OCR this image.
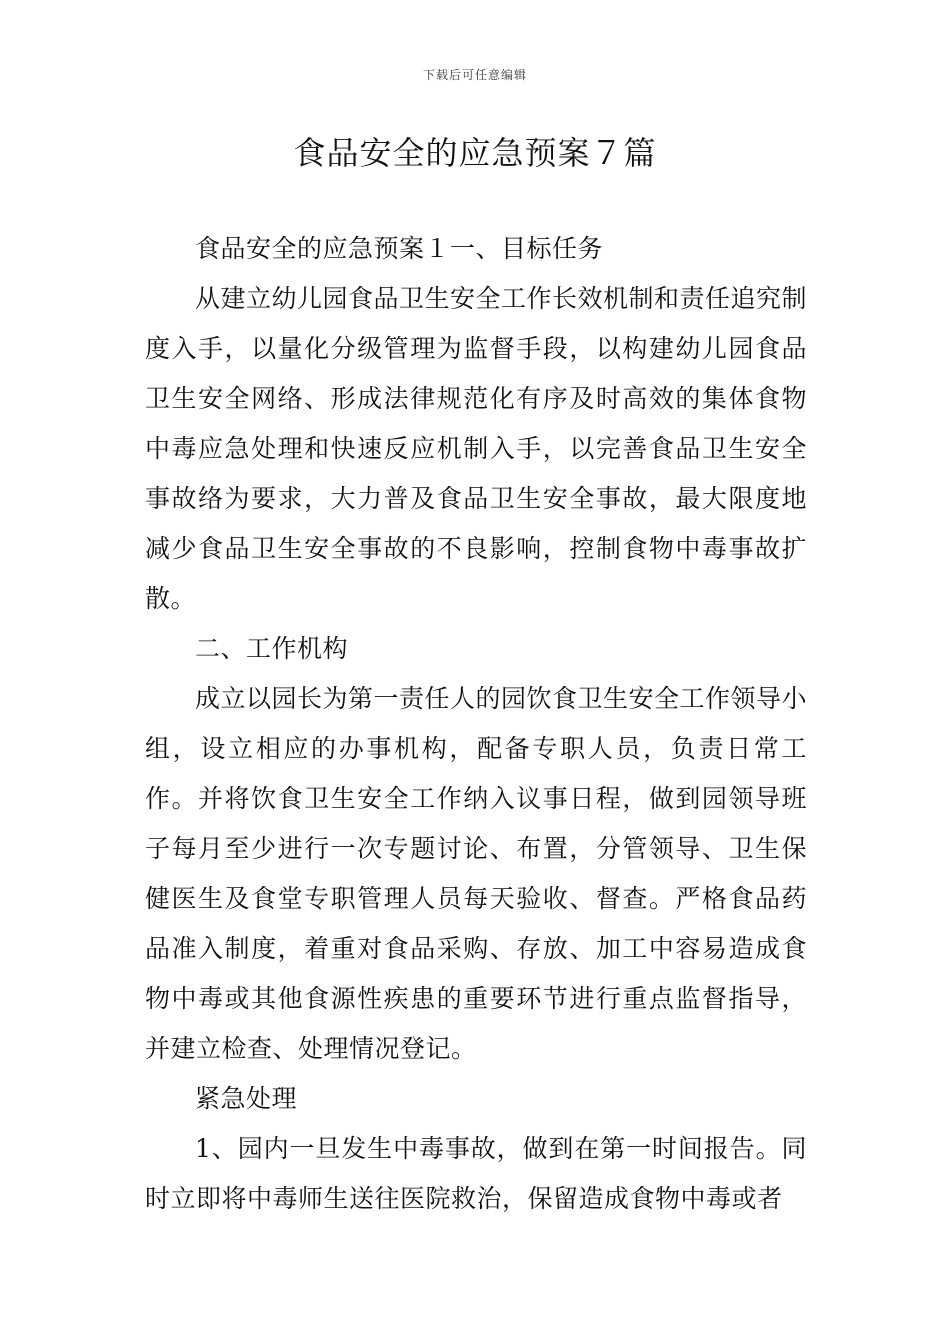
下载后可任意编辑
食品安全的应急预案７篇

食品安全的应急预案１一、目标任务

从建立幼儿园食品卫生安全工作长效机制和责任追究制度入手，以量化分级管理为监督手段，以构建幼儿园食品卫生安全网络、形成法律规范化有序及时高效的集体食物中毒应急处理和快速反应机制入手，以完善食品卫生安全事故络为要求，大力普及食品卫生安全事故，最大限度地减少食品卫生安全事故的不良影响，控制食物中毒事故扩散。

二、工作机构

成立以园长为第一责任人的园饮食卫生安全工作领导小组，设立相应的办事机构，配备专职人员，负责日常工作。并将饮食卫生安全工作纳入议事日程，做到园领导班子每月至少进行一次专题讨论、布置，分管领导、卫生保健医生及食堂专职管理人员每天验收、督查。严格食品药品准入制度，着重对食品采购、存放、加工中容易造成食物中毒或其他食源性疾患的重要环节进行重点监督指导，并建立检查、处理情况登记。

紧急处理

1、园内一旦发生中毒事故，做到在第一时间报告。同时立即将中毒师生送往医院救治，保留造成食物中毒或者
